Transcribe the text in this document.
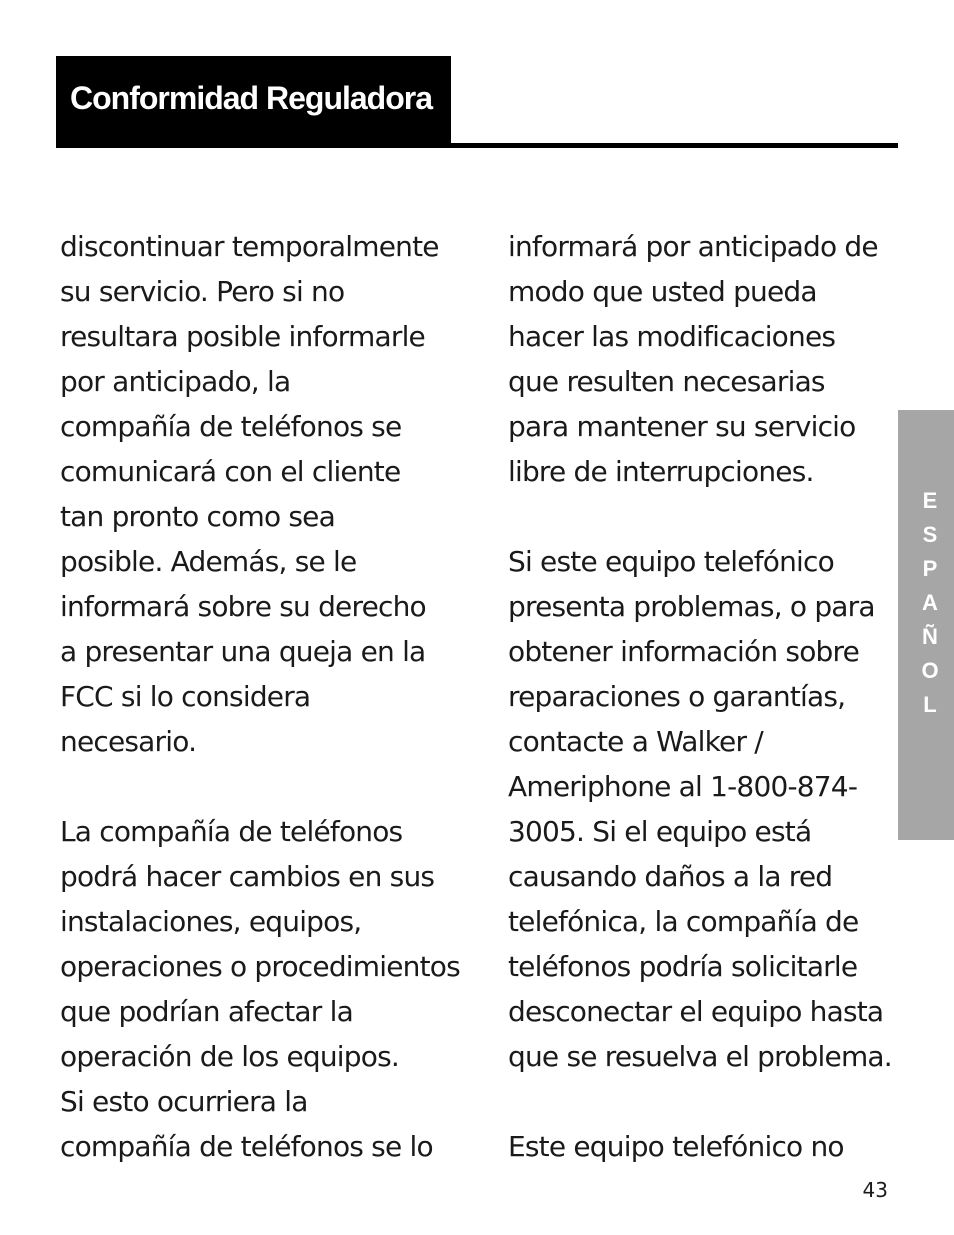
Conformidad Reguladora
discontinuar temporalmente
su servicio. Pero si no
resultara posible informarle
por anticipado, la
compañía de teléfonos se
comunicará con el cliente
tan pronto como sea
posible. Además, se le
informará sobre su derecho
a presentar una queja en la
FCC si lo considera
necesario.
La compañía de teléfonos
podrá hacer cambios en sus
instalaciones, equipos,
operaciones o procedimientos
que podrían afectar la
operación de los equipos.
Si esto ocurriera la
compañía de teléfonos se lo
informará por anticipado de
modo que usted pueda
hacer las modificaciones
que resulten necesarias
para mantener su servicio
libre de interrupciones.
Si este equipo telefónico
presenta problemas, o para
obtener información sobre
reparaciones o garantías,
contacte a Walker /
Ameriphone al 1-800-874-
3005. Si el equipo está
causando daños a la red
telefónica, la compañía de
teléfonos podría solicitarle
desconectar el equipo hasta
que se resuelva el problema.
Este equipo telefónico no
E
S
P
A
Ñ
O
L
43
